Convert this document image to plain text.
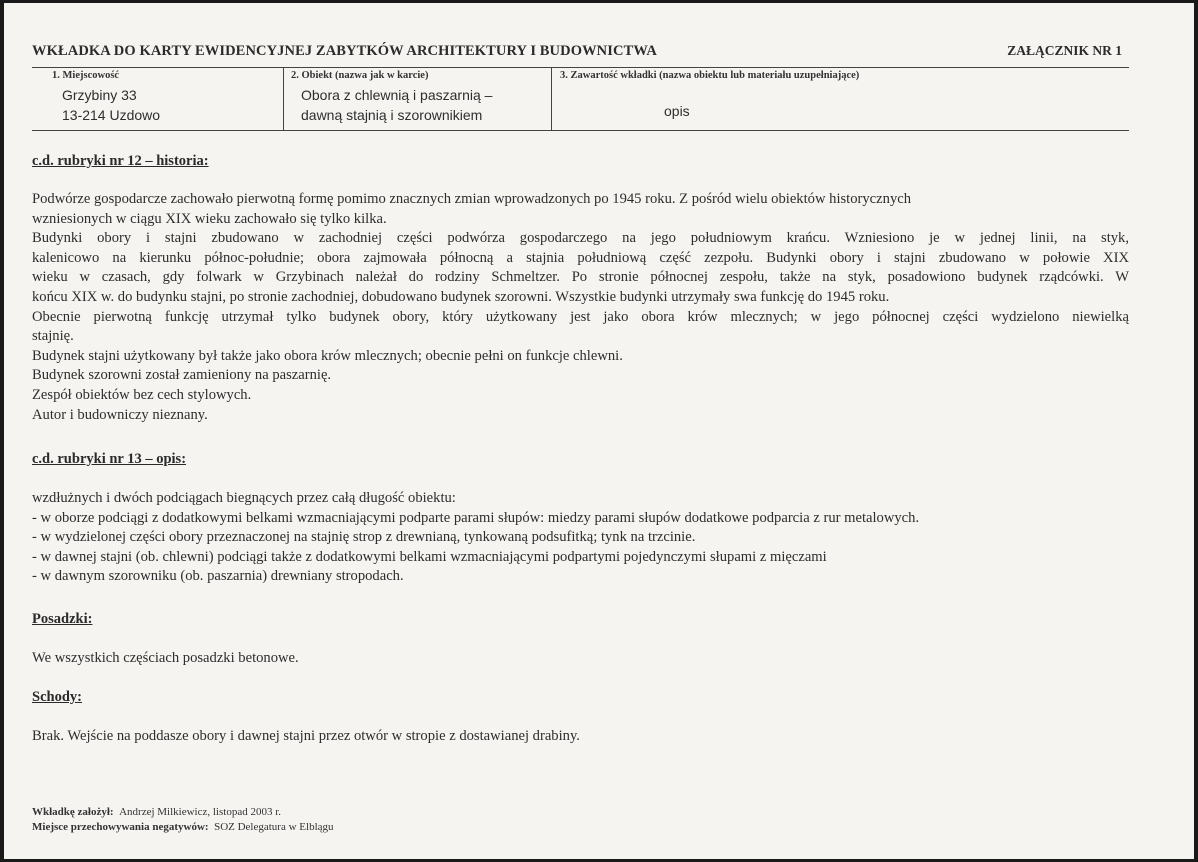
WKŁADKA DO KARTY EWIDENCYJNEJ ZABYTKÓW ARCHITEKTURY I BUDOWNICTWA	ZAŁĄCZNIK NR 1
1. Miejscowość
Grzybiny 33
13-214 Uzdowo
2. Obiekt (nazwa jak w karcie)
Obora z chlewnią i paszarnią –
dawną stajnią i szorownikiem
3. Zawartość wkładki (nazwa obiektu lub materiału uzupełniające)
opis
c.d. rubryki nr 12 – historia:
Podwórze gospodarcze zachowało pierwotną formę pomimo znacznych zmian wprowadzonych po 1945 roku. Z pośród wielu obiektów historycznych
wzniesionych w ciągu XIX wieku zachowało się tylko kilka.
Budynki obory i stajni zbudowano w zachodniej części podwórza gospodarczego na jego południowym krańcu. Wzniesiono je w jednej linii, na styk,
kalenicowo na kierunku północ-południe; obora zajmowała północną a stajnia południową część zezpołu. Budynki obory i stajni zbudowano w połowie XIX
wieku w czasach, gdy folwark w Grzybinach należał do rodziny Schmeltzer. Po stronie północnej zespołu, także na styk, posadowiono budynek rządcówki. W
końcu XIX w. do budynku stajni, po stronie zachodniej, dobudowano budynek szorowni. Wszystkie budynki utrzymały swa funkcję do 1945 roku.
Obecnie pierwotną funkcję utrzymał tylko budynek obory, który użytkowany jest jako obora krów mlecznych; w jego północnej części wydzielono niewielką
stajnię.
Budynek stajni użytkowany był także jako obora krów mlecznych; obecnie pełni on funkcje chlewni.
Budynek szorowni został zamieniony na paszarnię.
Zespół obiektów bez cech stylowych.
Autor i budowniczy nieznany.
c.d. rubryki nr 13 – opis:
wzdłużnych i dwóch podciągach biegnących przez całą długość obiektu:
- w oborze podciągi z dodatkowymi belkami wzmacniającymi podparte parami słupów: miedzy parami słupów dodatkowe podparcia z rur metalowych.
- w wydzielonej części obory przeznaczonej na stajnię strop z drewnianą, tynkowaną podsufitką; tynk na trzcinie.
- w dawnej stajni (ob. chlewni) podciągi także z dodatkowymi belkami wzmacniającymi podpartymi pojedynczymi słupami z mięczami
- w dawnym szorowniku (ob. paszarnia) drewniany stropodach.
Posadzki:
We wszystkich częściach posadzki betonowe.
Schody:
Brak. Wejście na poddasze obory i dawnej stajni przez otwór w stropie z dostawianej drabiny.
Wkładkę założył: Andrzej Milkiewicz, listopad 2003 r.
Miejsce przechowywania negatywów: SOZ Delegatura w Elblągu
